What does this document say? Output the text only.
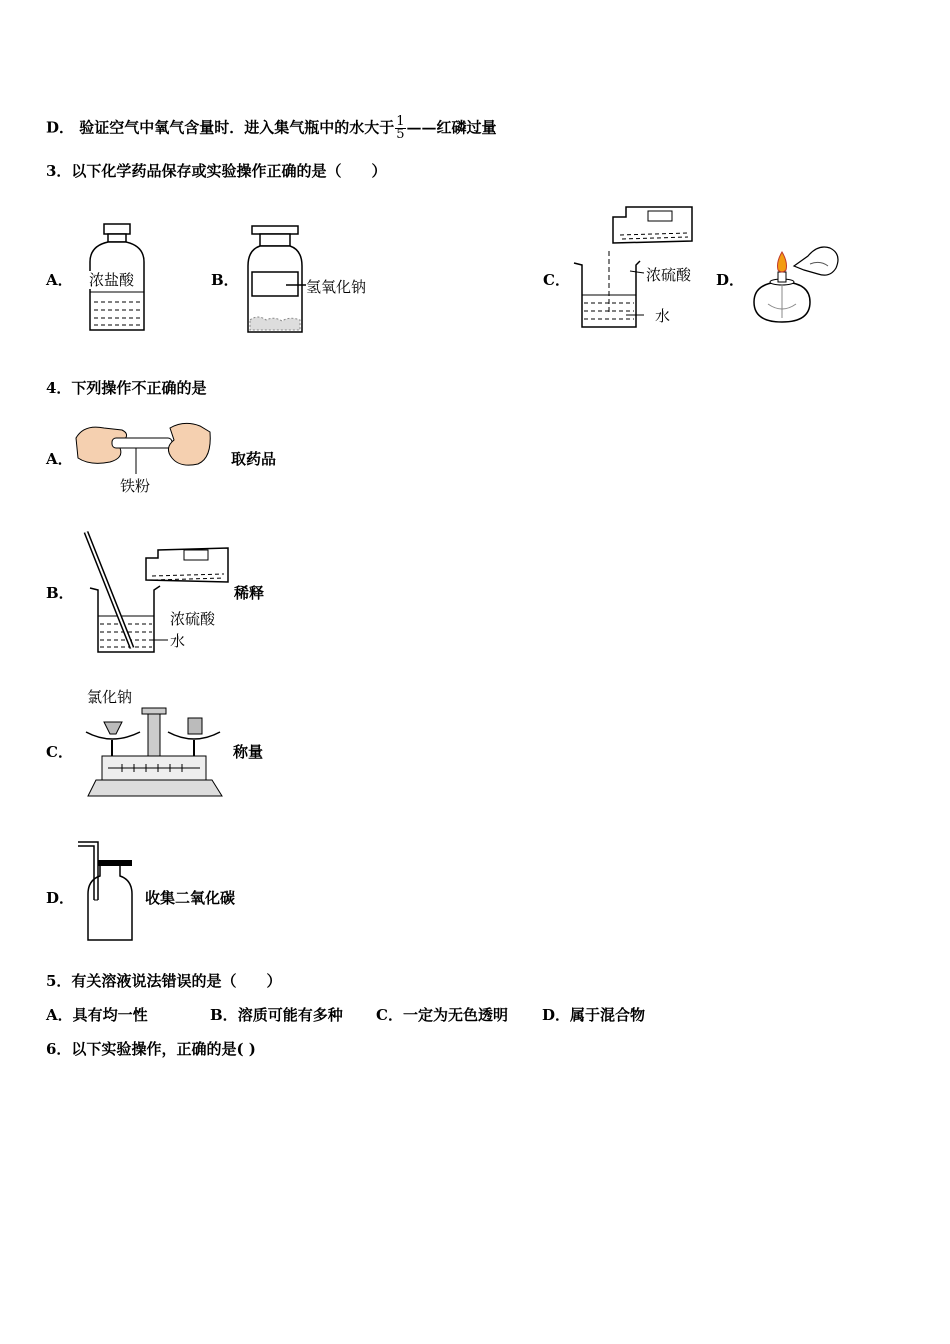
D． 验证空气中氧气含量时．进入集气瓶中的水大于 $\frac{1}{5}$ ——红磷过量
3．以下化学药品保存或实验操作正确的是（　　）
A． 浓盐酸	B．	氢氧化钠	C．	浓硫酸
水
D．
4．下列操作不正确的是
A．
铁粉
取药品
B．
浓硫酸
水
稀释
C．
氯化钠
称量
D．	收集二氧化碳
5．有关溶液说法错误的是（　　）
A．具有均一性	B．溶质可能有多种 C．一定为无色透明 D．属于混合物
6．以下实验操作，正确的是( )
